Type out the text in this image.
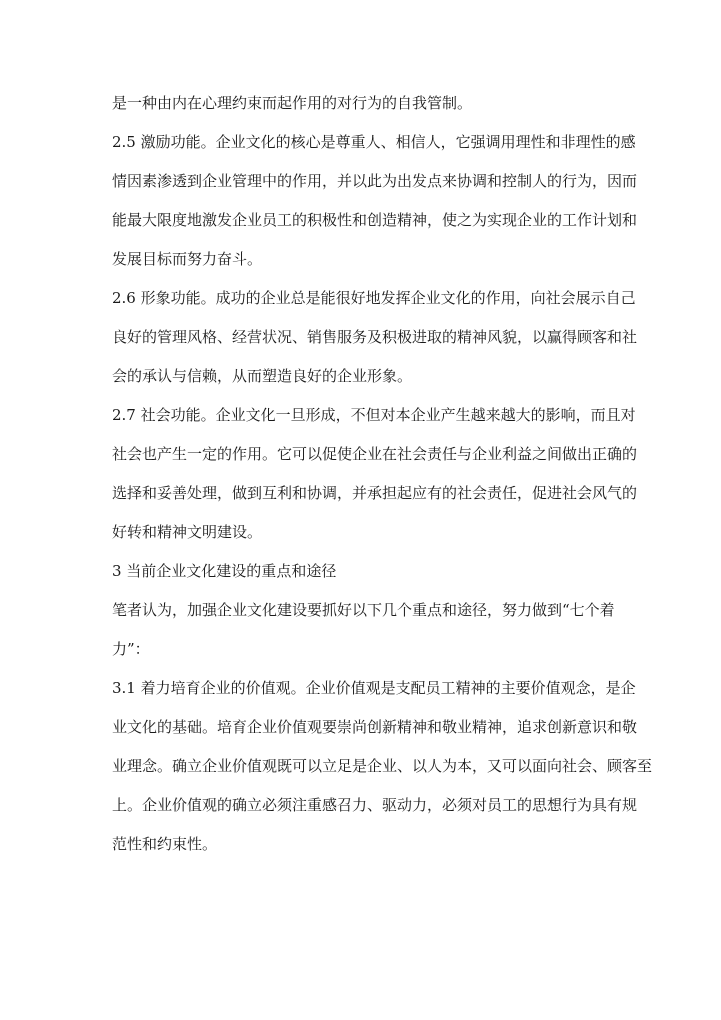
是一种由内在心理约束而起作用的对行为的自我管制。
2.5 激励功能。企业文化的核心是尊重人、相信人，它强调用理性和非理性的感
情因素渗透到企业管理中的作用，并以此为出发点来协调和控制人的行为，因而
能最大限度地激发企业员工的积极性和创造精神，使之为实现企业的工作计划和
发展目标而努力奋斗。
2.6 形象功能。成功的企业总是能很好地发挥企业文化的作用，向社会展示自己
良好的管理风格、经营状况、销售服务及积极进取的精神风貌，以赢得顾客和社
会的承认与信赖，从而塑造良好的企业形象。
2.7 社会功能。企业文化一旦形成，不但对本企业产生越来越大的影响，而且对
社会也产生一定的作用。它可以促使企业在社会责任与企业利益之间做出正确的
选择和妥善处理，做到互利和协调，并承担起应有的社会责任，促进社会风气的
好转和精神文明建设。
3 当前企业文化建设的重点和途径
笔者认为，加强企业文化建设要抓好以下几个重点和途径，努力做到“七个着
力”：
3.1 着力培育企业的价值观。企业价值观是支配员工精神的主要价值观念，是企
业文化的基础。培育企业价值观要崇尚创新精神和敬业精神，追求创新意识和敬
业理念。确立企业价值观既可以立足是企业、以人为本，又可以面向社会、顾客至
上。企业价值观的确立必须注重感召力、驱动力，必须对员工的思想行为具有规
范性和约束性。
